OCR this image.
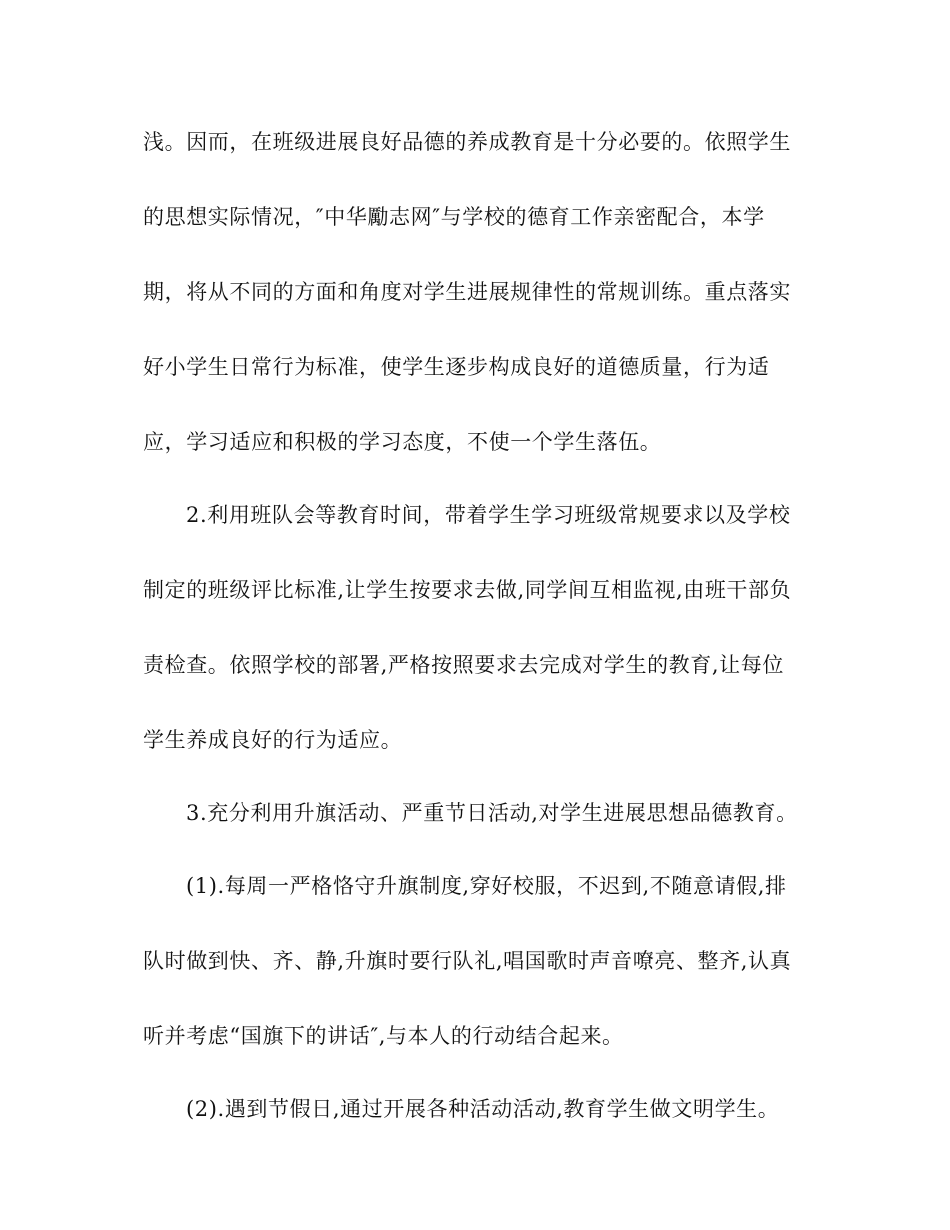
浅。因而，在班级进展良好品德的养成教育是十分必要的。依照学生
的思想实际情况，″中华勵志网″与学校的德育工作亲密配合，本学
期，将从不同的方面和角度对学生进展规律性的常规训练。重点落实
好小学生日常行为标准，使学生逐步构成良好的道德质量，行为适
应，学习适应和积极的学习态度，不使一个学生落伍。
2.利用班队会等教育时间，带着学生学习班级常规要求以及学校
制定的班级评比标准,让学生按要求去做,同学间互相监视,由班干部负
责检查。依照学校的部署,严格按照要求去完成对学生的教育,让每位
学生养成良好的行为适应。
3.充分利用升旗活动、严重节日活动,对学生进展思想品德教育。
(1).每周一严格恪守升旗制度,穿好校服，不迟到,不随意请假,排
队时做到快、齐、静,升旗时要行队礼,唱国歌时声音嘹亮、整齐,认真
听并考虑“国旗下的讲话″,与本人的行动结合起来。
(2).遇到节假日,通过开展各种活动活动,教育学生做文明学生。
